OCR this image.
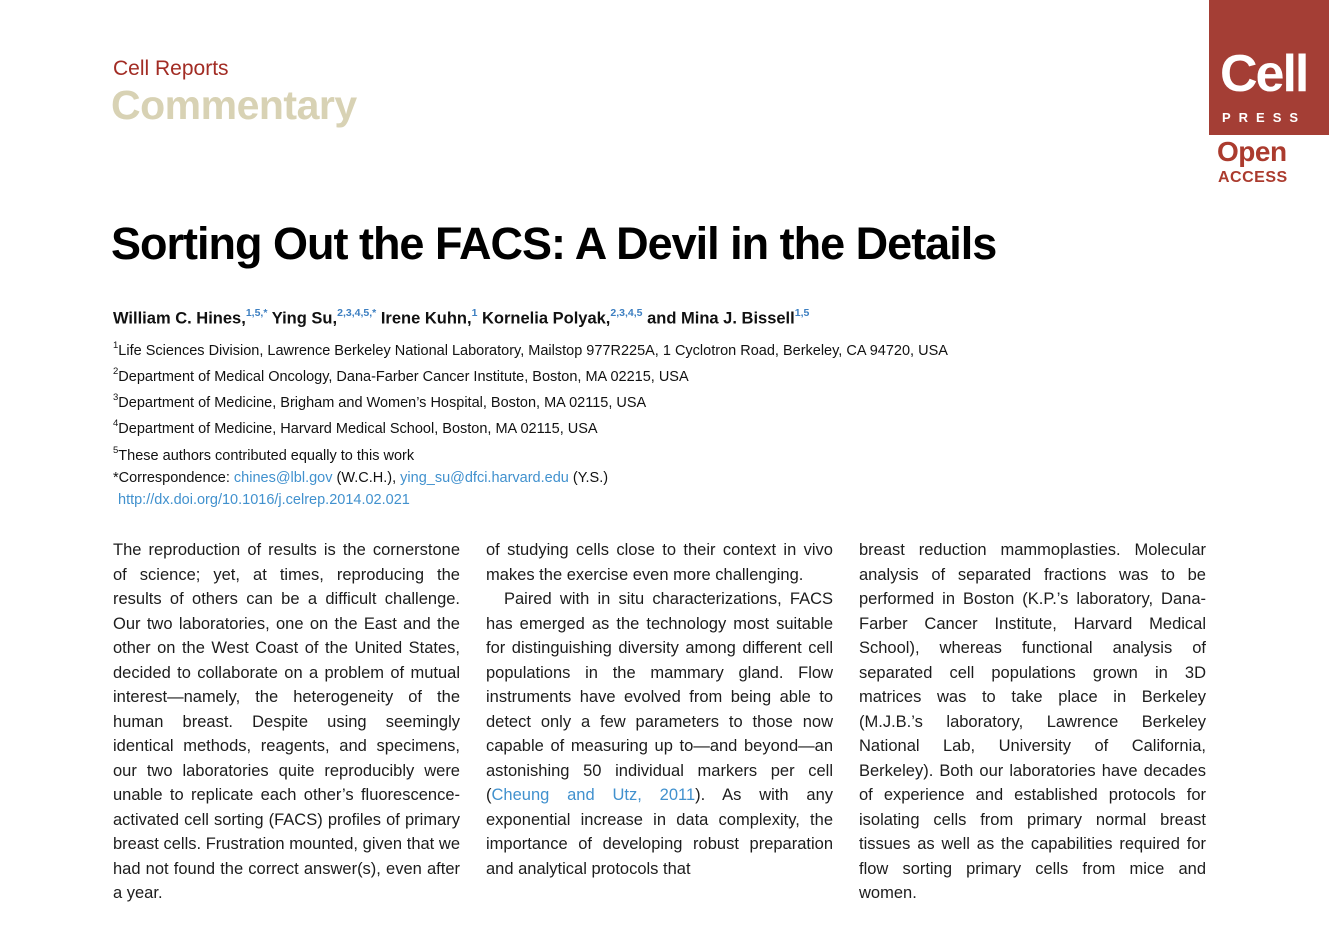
Cell Reports
Commentary
Cell
PRESS
Open
ACCESS
Sorting Out the FACS: A Devil in the Details
William C. Hines,$^{1,5,*}$ Ying Su,$^{2,3,4,5,*}$ Irene Kuhn,$^1$ Kornelia Polyak,$^{2,3,4,5}$ and Mina J. Bissell$^{1,5}$
$^1$Life Sciences Division, Lawrence Berkeley National Laboratory, Mailstop 977R225A, 1 Cyclotron Road, Berkeley, CA 94720, USA
$^2$Department of Medical Oncology, Dana-Farber Cancer Institute, Boston, MA 02215, USA
$^3$Department of Medicine, Brigham and Women’s Hospital, Boston, MA 02115, USA
$^4$Department of Medicine, Harvard Medical School, Boston, MA 02115, USA
$^5$These authors contributed equally to this work
*Correspondence: chines@lbl.gov (W.C.H.), ying_su@dfci.harvard.edu (Y.S.)
http://dx.doi.org/10.1016/j.celrep.2014.02.021

The reproduction of results is the cornerstone of science; yet, at times, reproducing the results of others can be a difficult challenge. Our two laboratories, one on the East and the other on the West Coast of the United States, decided to collaborate on a problem of mutual interest—namely, the heterogeneity of the human breast. Despite using seemingly identical methods, reagents, and specimens, our two laboratories quite reproducibly were unable to replicate each other’s fluorescence-activated cell sorting (FACS) profiles of primary breast cells. Frustration mounted, given that we had not found the correct answer(s), even after a year.

of studying cells close to their context in vivo makes the exercise even more challenging.

Paired with in situ characterizations, FACS has emerged as the technology most suitable for distinguishing diversity among different cell populations in the mammary gland. Flow instruments have evolved from being able to detect only a few parameters to those now capable of measuring up to—and beyond—an astonishing 50 individual markers per cell (Cheung and Utz, 2011). As with any exponential increase in data complexity, the importance of developing robust preparation and analytical protocols that

breast reduction mammoplasties. Molecular analysis of separated fractions was to be performed in Boston (K.P.’s laboratory, Dana-Farber Cancer Institute, Harvard Medical School), whereas functional analysis of separated cell populations grown in 3D matrices was to take place in Berkeley (M.J.B.’s laboratory, Lawrence Berkeley National Lab, University of California, Berkeley). Both our laboratories have decades of experience and established protocols for isolating cells from primary normal breast tissues as well as the capabilities required for flow sorting primary cells from mice and women.
